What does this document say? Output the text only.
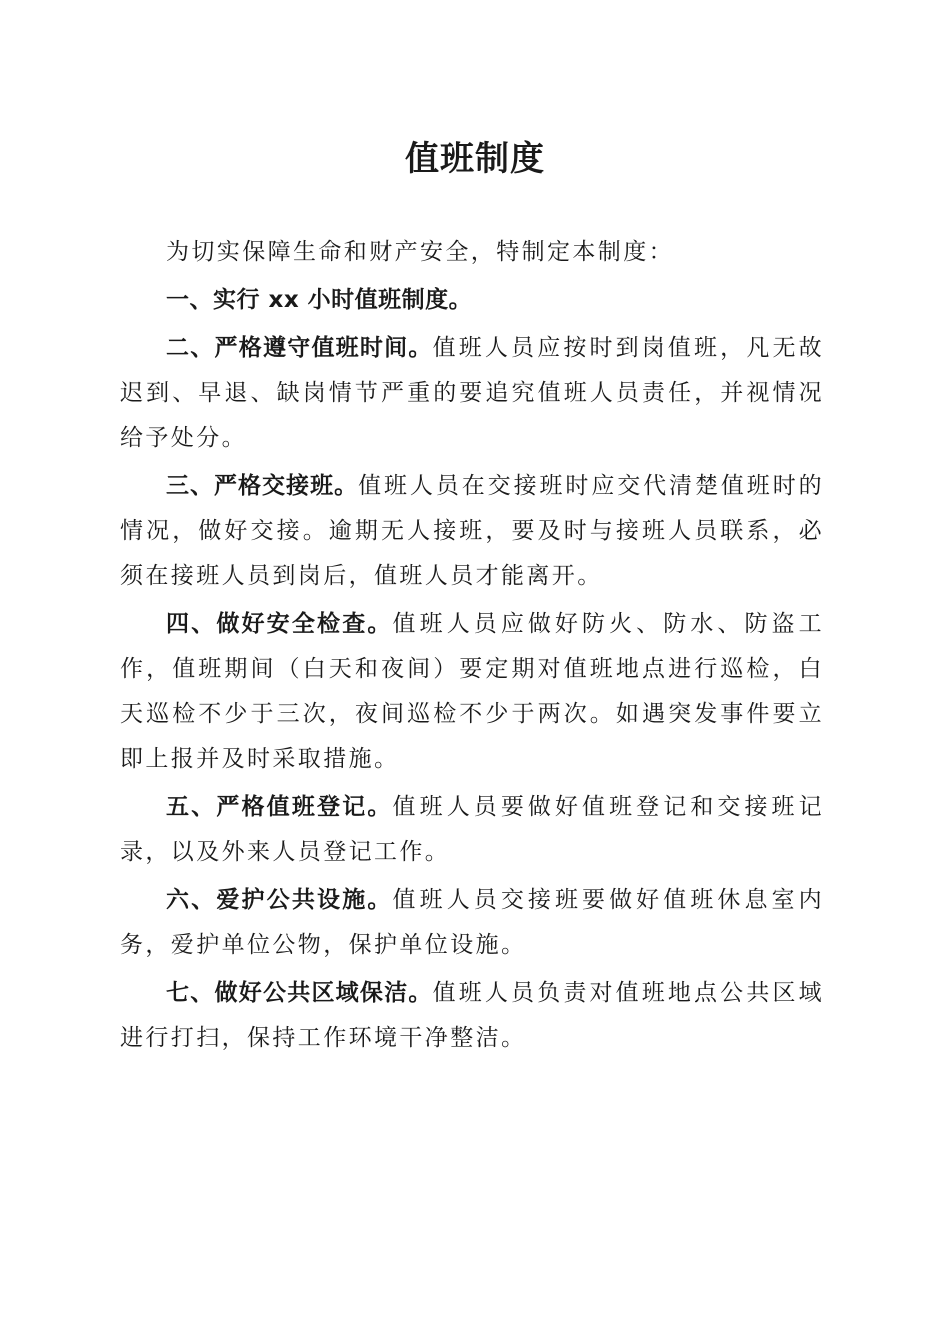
值班制度

为切实保障生命和财产安全，特制定本制度：

一、实行 xx 小时值班制度。

二、严格遵守值班时间。值班人员应按时到岗值班，凡无故迟到、早退、缺岗情节严重的要追究值班人员责任，并视情况给予处分。

三、严格交接班。值班人员在交接班时应交代清楚值班时的情况，做好交接。逾期无人接班，要及时与接班人员联系，必须在接班人员到岗后，值班人员才能离开。

四、做好安全检查。值班人员应做好防火、防水、防盗工作，值班期间（白天和夜间）要定期对值班地点进行巡检，白天巡检不少于三次，夜间巡检不少于两次。如遇突发事件要立即上报并及时采取措施。

五、严格值班登记。值班人员要做好值班登记和交接班记录，以及外来人员登记工作。

六、爱护公共设施。值班人员交接班要做好值班休息室内务，爱护单位公物，保护单位设施。

七、做好公共区域保洁。值班人员负责对值班地点公共区域进行打扫，保持工作环境干净整洁。
